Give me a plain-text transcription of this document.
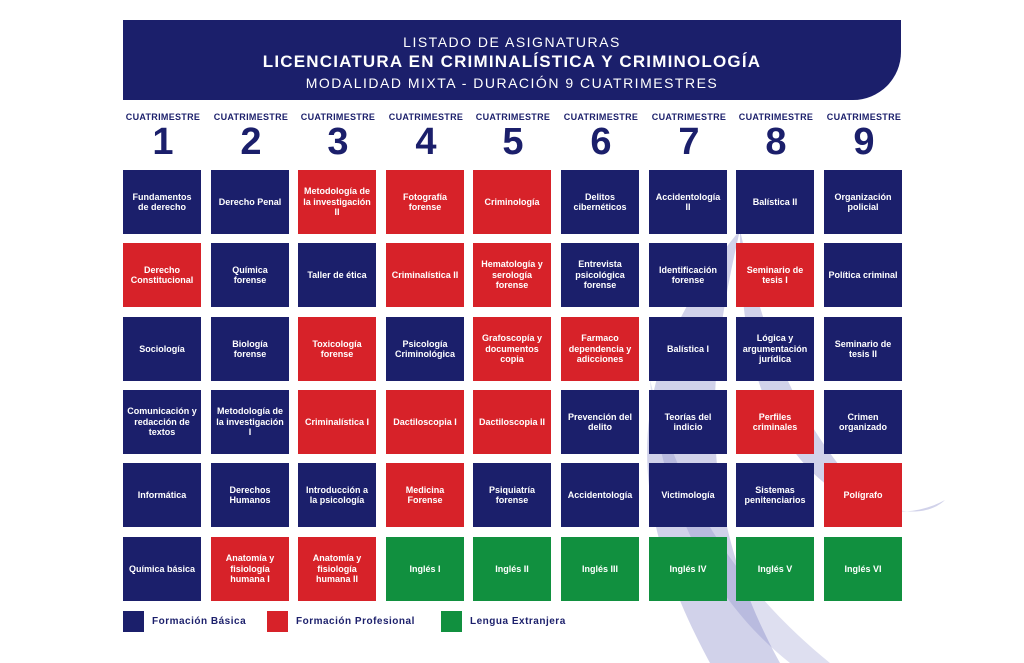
LISTADO DE ASIGNATURAS
LICENCIATURA EN CRIMINALÍSTICA Y CRIMINOLOGÍA
MODALIDAD MIXTA - DURACIÓN 9 CUATRIMESTRES
CUATRIMESTRE
1
Fundamentos de derecho
Derecho Constitucional
Sociología
Comunicación y redacción de textos
Informática
Química básica
CUATRIMESTRE
2
Derecho Penal
Química forense
Biología forense
Metodología de la investigación I
Derechos Humanos
Anatomía y fisiología humana I
CUATRIMESTRE
3
Metodología de la investigación II
Taller de ética
Toxicología forense
Criminalística I
Introducción a la psicología
Anatomía y fisiología humana II
CUATRIMESTRE
4
Fotografía forense
Criminalística II
Psicología Criminológica
Dactiloscopia I
Medicina Forense
Inglés I
CUATRIMESTRE
5
Criminología
Hematología y serología forense
Grafoscopía y documentos copia
Dactiloscopia II
Psiquiatría forense
Inglés II
CUATRIMESTRE
6
Delitos cibernéticos
Entrevista psicológica forense
Farmaco dependencia y adicciones
Prevención del delito
Accidentología
Inglés III
CUATRIMESTRE
7
Accidentología II
Identificación forense
Balística I
Teorías del indicio
Victimología
Inglés IV
CUATRIMESTRE
8
Balística II
Seminario de tesis I
Lógica y argumentación jurídica
Perfiles criminales
Sistemas penitenciarios
Inglés V
CUATRIMESTRE
9
Organización policial
Política criminal
Seminario de tesis II
Crimen organizado
Polígrafo
Inglés VI
Formación Básica	Formación Profesional	Lengua Extranjera
